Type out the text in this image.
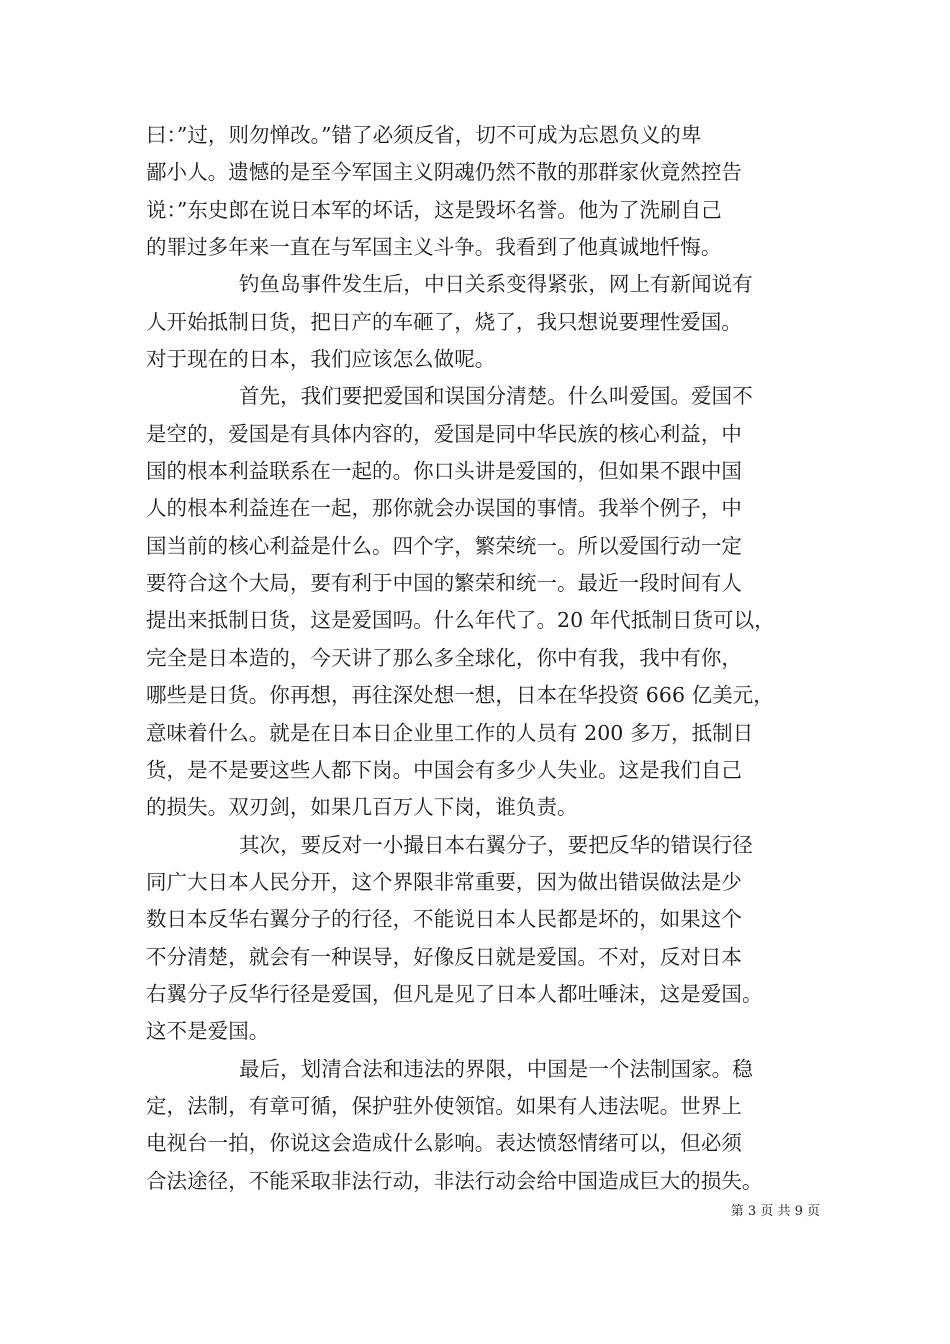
曰：”过，则勿惮改。”错了必须反省，切不可成为忘恩负义的卑
鄙小人。遗憾的是至今军国主义阴魂仍然不散的那群家伙竟然控告
说：”东史郎在说日本军的坏话，这是毁坏名誉。他为了洗刷自己
的罪过多年来一直在与军国主义斗争。我看到了他真诚地忏悔。
钓鱼岛事件发生后，中日关系变得紧张，网上有新闻说有
人开始抵制日货，把日产的车砸了，烧了，我只想说要理性爱国。
对于现在的日本，我们应该怎么做呢。
首先，我们要把爱国和误国分清楚。什么叫爱国。爱国不
是空的，爱国是有具体内容的，爱国是同中华民族的核心利益，中
国的根本利益联系在一起的。你口头讲是爱国的，但如果不跟中国
人的根本利益连在一起，那你就会办误国的事情。我举个例子，中
国当前的核心利益是什么。四个字，繁荣统一。所以爱国行动一定
要符合这个大局，要有利于中国的繁荣和统一。最近一段时间有人
提出来抵制日货，这是爱国吗。什么年代了。20 年代抵制日货可以，
完全是日本造的，今天讲了那么多全球化，你中有我，我中有你，
哪些是日货。你再想，再往深处想一想，日本在华投资 666 亿美元，
意味着什么。就是在日本日企业里工作的人员有 200 多万，抵制日
货，是不是要这些人都下岗。中国会有多少人失业。这是我们自己
的损失。双刃剑，如果几百万人下岗，谁负责。
其次，要反对一小撮日本右翼分子，要把反华的错误行径
同广大日本人民分开，这个界限非常重要，因为做出错误做法是少
数日本反华右翼分子的行径，不能说日本人民都是坏的，如果这个
不分清楚，就会有一种误导，好像反日就是爱国。不对，反对日本
右翼分子反华行径是爱国，但凡是见了日本人都吐唾沫，这是爱国。
这不是爱国。
最后，划清合法和违法的界限，中国是一个法制国家。稳
定，法制，有章可循，保护驻外使领馆。如果有人违法呢。世界上
电视台一拍，你说这会造成什么影响。表达愤怒情绪可以，但必须
合法途径，不能采取非法行动，非法行动会给中国造成巨大的损失。
第 3 页 共 9 页
